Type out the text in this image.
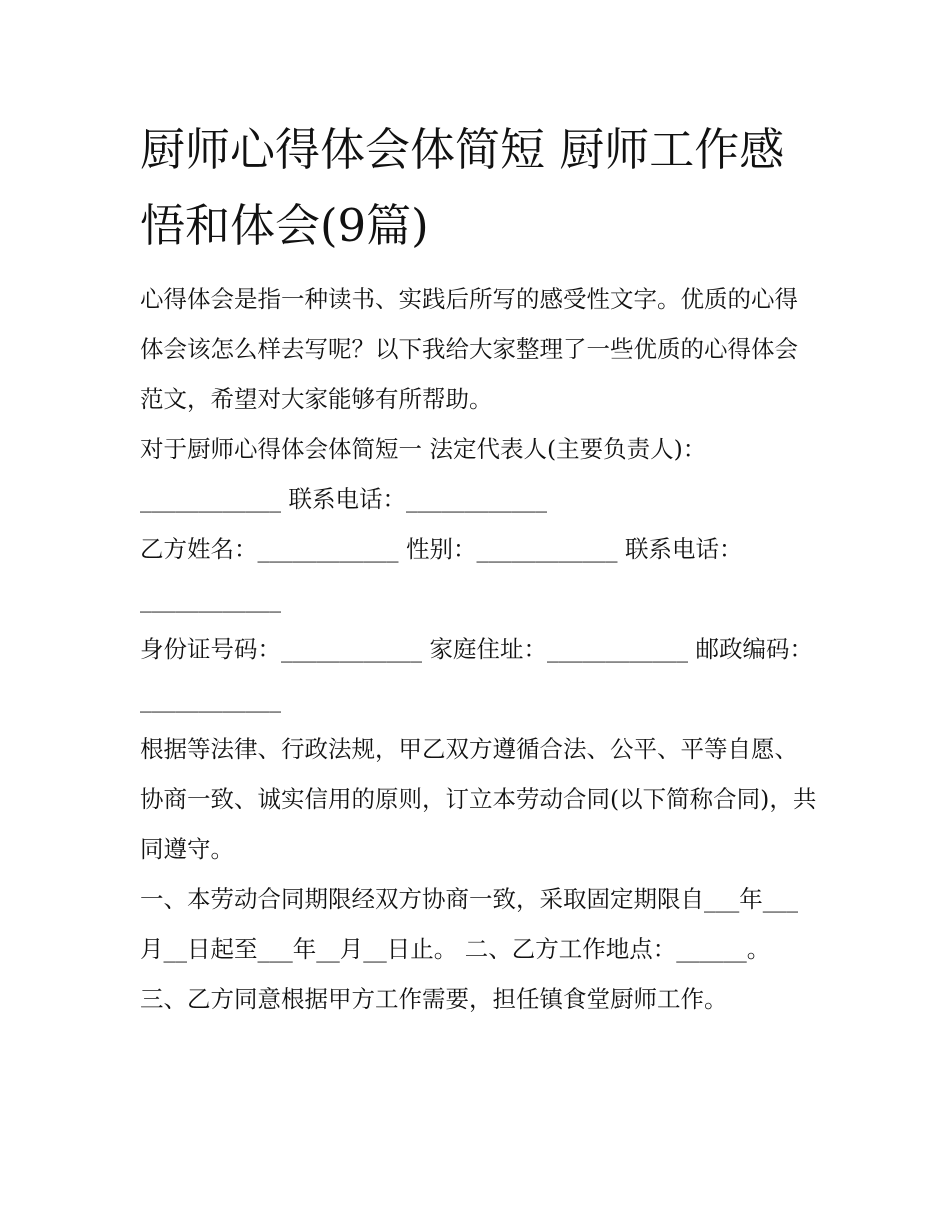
厨师心得体会体简短 厨师工作感悟和体会(9篇)

心得体会是指一种读书、实践后所写的感受性文字。优质的心得体会该怎么样去写呢？以下我给大家整理了一些优质的心得体会范文，希望对大家能够有所帮助。

对于厨师心得体会体简短一 法定代表人(主要负责人)：____________ 联系电话：____________

乙方姓名：____________ 性别：____________ 联系电话：____________

身份证号码：____________ 家庭住址：____________ 邮政编码：____________

根据等法律、行政法规，甲乙双方遵循合法、公平、平等自愿、协商一致、诚实信用的原则，订立本劳动合同(以下简称合同)，共同遵守。

一、本劳动合同期限经双方协商一致，采取固定期限自___年___月__日起至___年__月__日止。 二、乙方工作地点：______。

三、乙方同意根据甲方工作需要，担任镇食堂厨师工作。
